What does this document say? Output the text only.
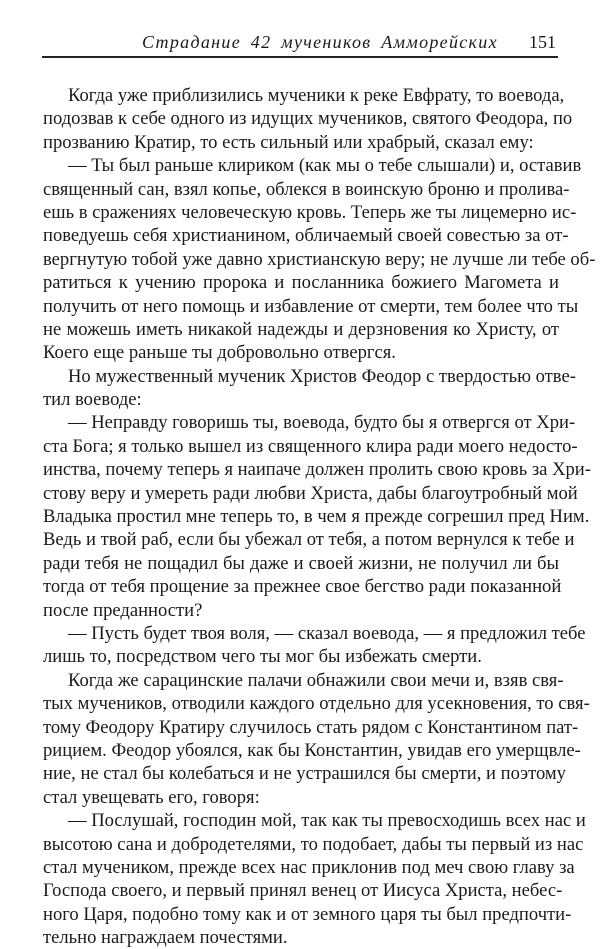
Страдание 42 мучеников Амморейских 151
Когда уже приблизились мученики к реке Евфрату, то воевода,
подозвав к себе одного из идущих мучеников, святого Феодора, по
прозванию Кратир, то есть сильный или храбрый, сказал ему:
— Ты был раньше клириком (как мы о тебе слышали) и, оставив
священный сан, взял копье, облекся в воинскую броню и пролива-
ешь в сражениях человеческую кровь. Теперь же ты лицемерно ис-
поведуешь себя христианином, обличаемый своей совестью за от-
вергнутую тобой уже давно христианскую веру; не лучше ли тебе об-
ратиться к учению пророка и посланника божиего Магомета и
получить от него помощь и избавление от смерти, тем более что ты
не можешь иметь никакой надежды и дерзновения ко Христу, от
Коего еще раньше ты добровольно отвергся.
Но мужественный мученик Христов Феодор с твердостью отве-
тил воеводе:
— Неправду говоришь ты, воевода, будто бы я отвергся от Хри-
ста Бога; я только вышел из священного клира ради моего недосто-
инства, почему теперь я наипаче должен пролить свою кровь за Хри-
стову веру и умереть ради любви Христа, дабы благоутробный мой
Владыка простил мне теперь то, в чем я прежде согрешил пред Ним.
Ведь и твой раб, если бы убежал от тебя, а потом вернулся к тебе и
ради тебя не пощадил бы даже и своей жизни, не получил ли бы
тогда от тебя прощение за прежнее свое бегство ради показанной
после преданности?
— Пусть будет твоя воля, — сказал воевода, — я предложил тебе
лишь то, посредством чего ты мог бы избежать смерти.
Когда же сарацинские палачи обнажили свои мечи и, взяв свя-
тых мучеников, отводили каждого отдельно для усекновения, то свя-
тому Феодору Кратиру случилось стать рядом с Константином пат-
рицием. Феодор убоялся, как бы Константин, увидав его умерщвле-
ние, не стал бы колебаться и не устрашился бы смерти, и поэтому
стал увещевать его, говоря:
— Послушай, господин мой, так как ты превосходишь всех нас и
высотою сана и добродетелями, то подобает, дабы ты первый из нас
стал мучеником, прежде всех нас приклонив под меч свою главу за
Господа своего, и первый принял венец от Иисуса Христа, небес-
ного Царя, подобно тому как и от земного царя ты был предпочти-
тельно награждаем почестями.
